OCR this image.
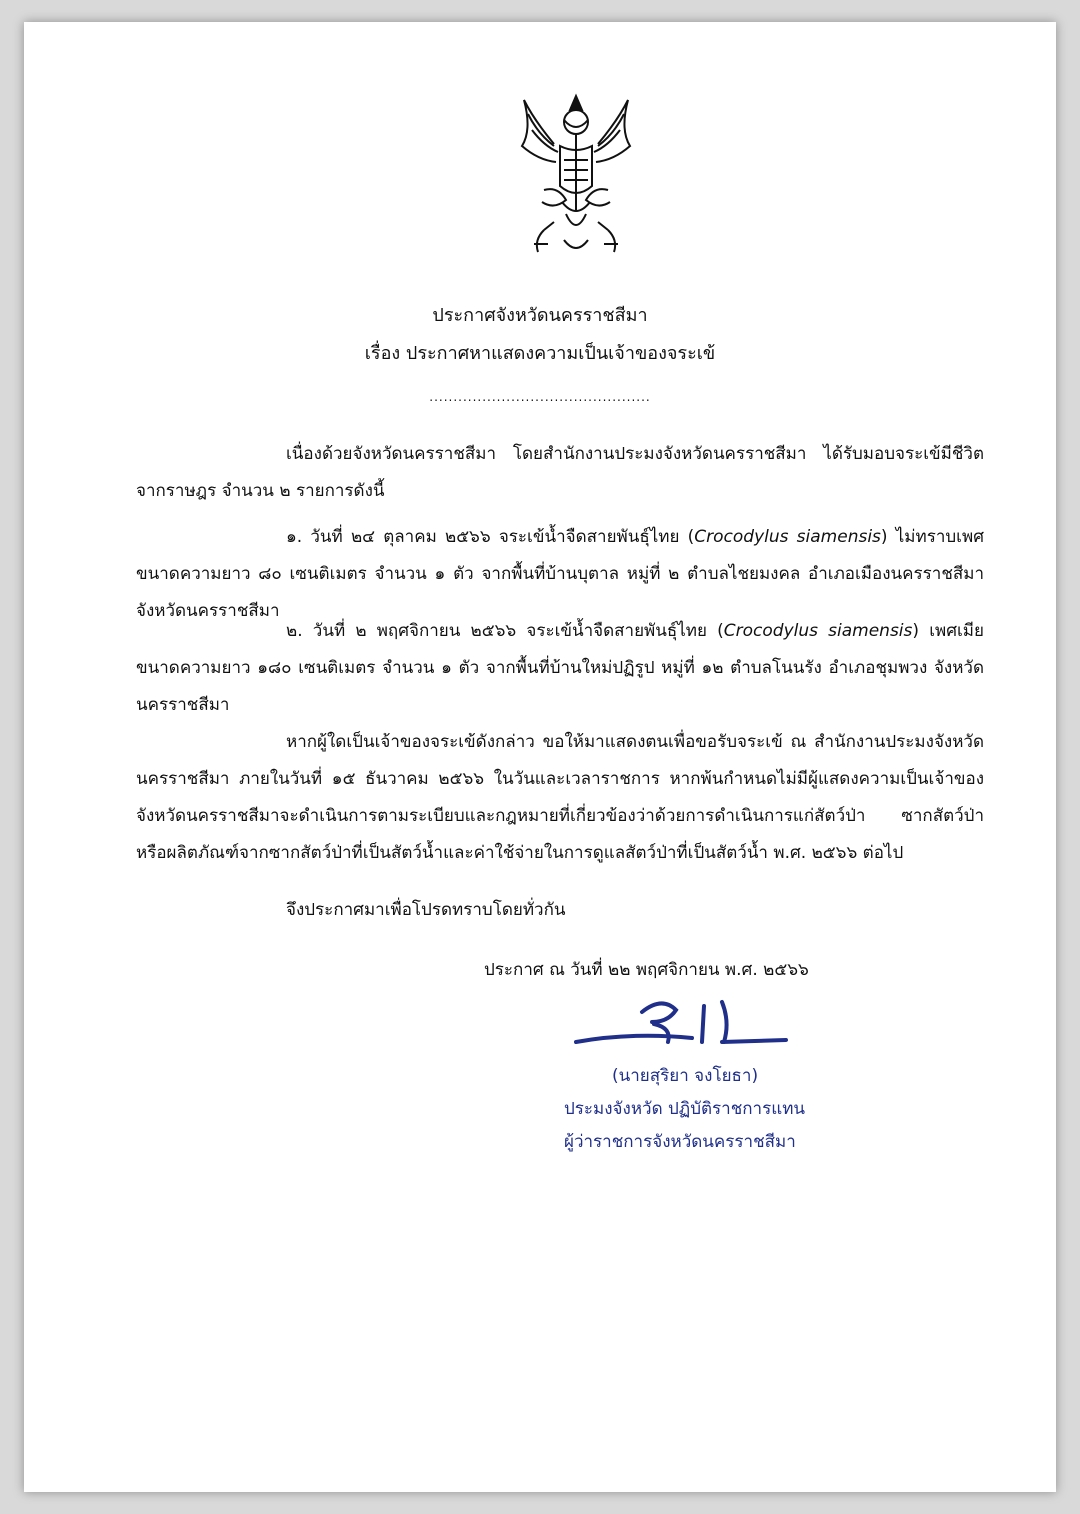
ประกาศจังหวัดนครราชสีมา
เรื่อง ประกาศหาแสดงความเป็นเจ้าของจระเข้
..............................................
เนื่องด้วยจังหวัดนครราชสีมา โดยสำนักงานประมงจังหวัดนครราชสีมา ได้รับมอบจระเข้มีชีวิตจากราษฎร จำนวน ๒ รายการดังนี้
๑. วันที่ ๒๔ ตุลาคม ๒๕๖๖ จระเข้น้ำจืดสายพันธุ์ไทย (Crocodylus siamensis) ไม่ทราบเพศ ขนาดความยาว ๘๐ เซนติเมตร จำนวน ๑ ตัว จากพื้นที่บ้านบุตาล หมู่ที่ ๒ ตำบลไชยมงคล อำเภอเมืองนครราชสีมา จังหวัดนครราชสีมา
๒. วันที่ ๒ พฤศจิกายน ๒๕๖๖ จระเข้น้ำจืดสายพันธุ์ไทย (Crocodylus siamensis) เพศเมีย ขนาดความยาว ๑๘๐ เซนติเมตร จำนวน ๑ ตัว จากพื้นที่บ้านใหม่ปฏิรูป หมู่ที่ ๑๒ ตำบลโนนรัง อำเภอชุมพวง จังหวัดนครราชสีมา
หากผู้ใดเป็นเจ้าของจระเข้ดังกล่าว ขอให้มาแสดงตนเพื่อขอรับจระเข้ ณ สำนักงานประมงจังหวัดนครราชสีมา ภายในวันที่ ๑๕ ธันวาคม ๒๕๖๖ ในวันและเวลาราชการ หากพ้นกำหนดไม่มีผู้แสดงความเป็นเจ้าของ จังหวัดนครราชสีมาจะดำเนินการตามระเบียบและกฎหมายที่เกี่ยวข้องว่าด้วยการดำเนินการแก่สัตว์ป่า ซากสัตว์ป่า หรือผลิตภัณฑ์จากซากสัตว์ป่าที่เป็นสัตว์น้ำและค่าใช้จ่ายในการดูแลสัตว์ป่าที่เป็นสัตว์น้ำ พ.ศ. ๒๕๖๖ ต่อไป
จึงประกาศมาเพื่อโปรดทราบโดยทั่วกัน
ประกาศ ณ วันที่ ๒๒ พฤศจิกายน พ.ศ. ๒๕๖๖
(นายสุริยา จงโยธา)
ประมงจังหวัด ปฏิบัติราชการแทน
ผู้ว่าราชการจังหวัดนครราชสีมา
